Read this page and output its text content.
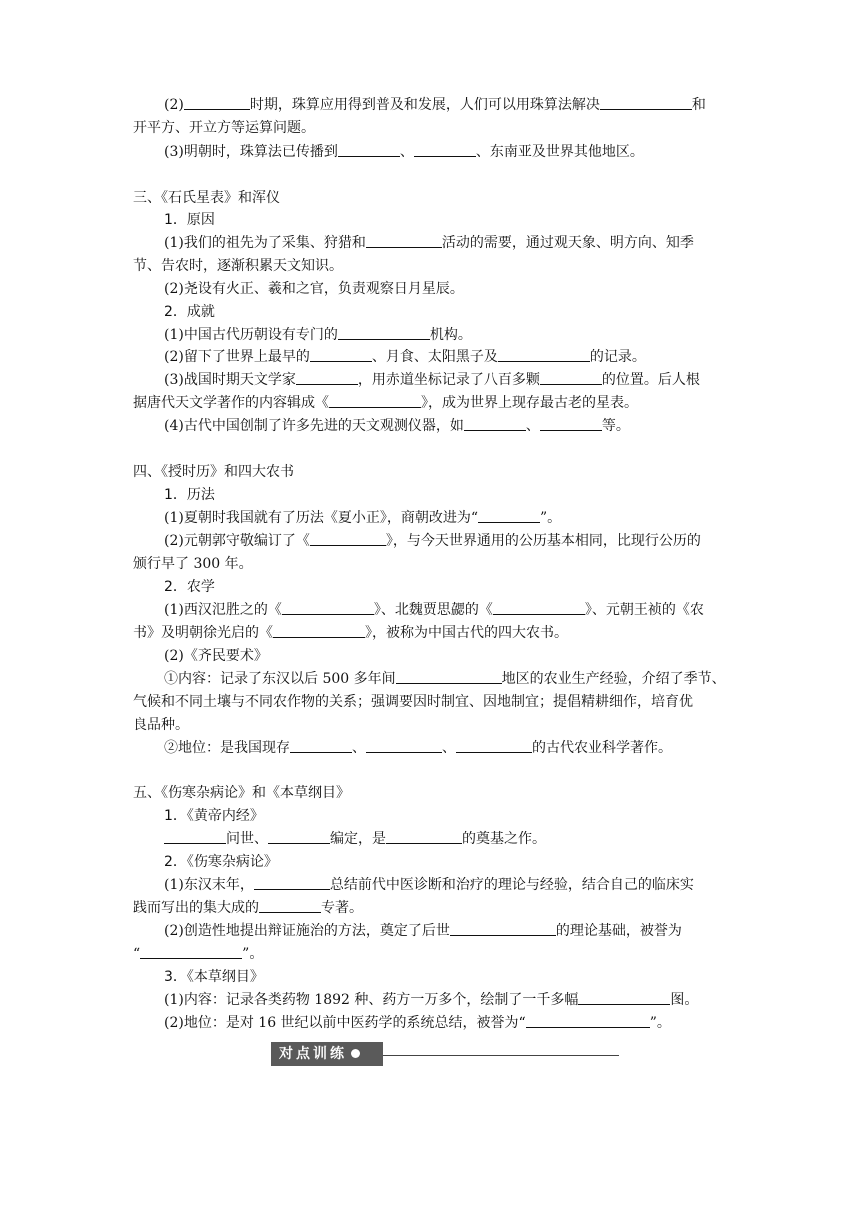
(2)	时期，珠算应用得到普及和发展，人们可以用珠算法解决	和
开平方、开立方等运算问题。
(3)明朝时，珠算法已传播到	、	、东南亚及世界其他地区。
三、《石氏星表》和浑仪
1．原因
(1)我们的祖先为了采集、狩猎和	活动的需要，通过观天象、明方向、知季
节、告农时，逐渐积累天文知识。
(2)尧设有火正、羲和之官，负责观察日月星辰。
2．成就
(1)中国古代历朝设有专门的	机构。
(2)留下了世界上最早的	、月食、太阳黑子及	的记录。
(3)战国时期天文学家	，用赤道坐标记录了八百多颗	的位置。后人根
据唐代天文学著作的内容辑成《	》，成为世界上现存最古老的星表。
(4)古代中国创制了许多先进的天文观测仪器，如	、	等。
四、《授时历》和四大农书
1．历法
(1)夏朝时我国就有了历法《夏小正》，商朝改进为“	”。
(2)元朝郭守敬编订了《	》，与今天世界通用的公历基本相同，比现行公历的
颁行早了 300 年。
2．农学
(1)西汉氾胜之的《	》、北魏贾思勰的《	》、元朝王祯的《农
书》及明朝徐光启的《	》，被称为中国古代的四大农书。
(2)《齐民要术》
①内容：记录了东汉以后 500 多年间	地区的农业生产经验，介绍了季节、
气候和不同土壤与不同农作物的关系；强调要因时制宜、因地制宜；提倡精耕细作，培育优
良品种。
②地位：是我国现存	、	、	的古代农业科学著作。
五、《伤寒杂病论》和《本草纲目》
1．《黄帝内经》
问世、	编定，是	的奠基之作。
2．《伤寒杂病论》
(1)东汉末年，	总结前代中医诊断和治疗的理论与经验，结合自己的临床实
践而写出的集大成的	专著。
(2)创造性地提出辩证施治的方法，奠定了后世	的理论基础，被誉为
“	”。
3．《本草纲目》
(1)内容：记录各类药物 1892 种、药方一万多个，绘制了一千多幅	图。
(2)地位：是对 16 世纪以前中医药学的系统总结，被誉为“	”。
对点训练
